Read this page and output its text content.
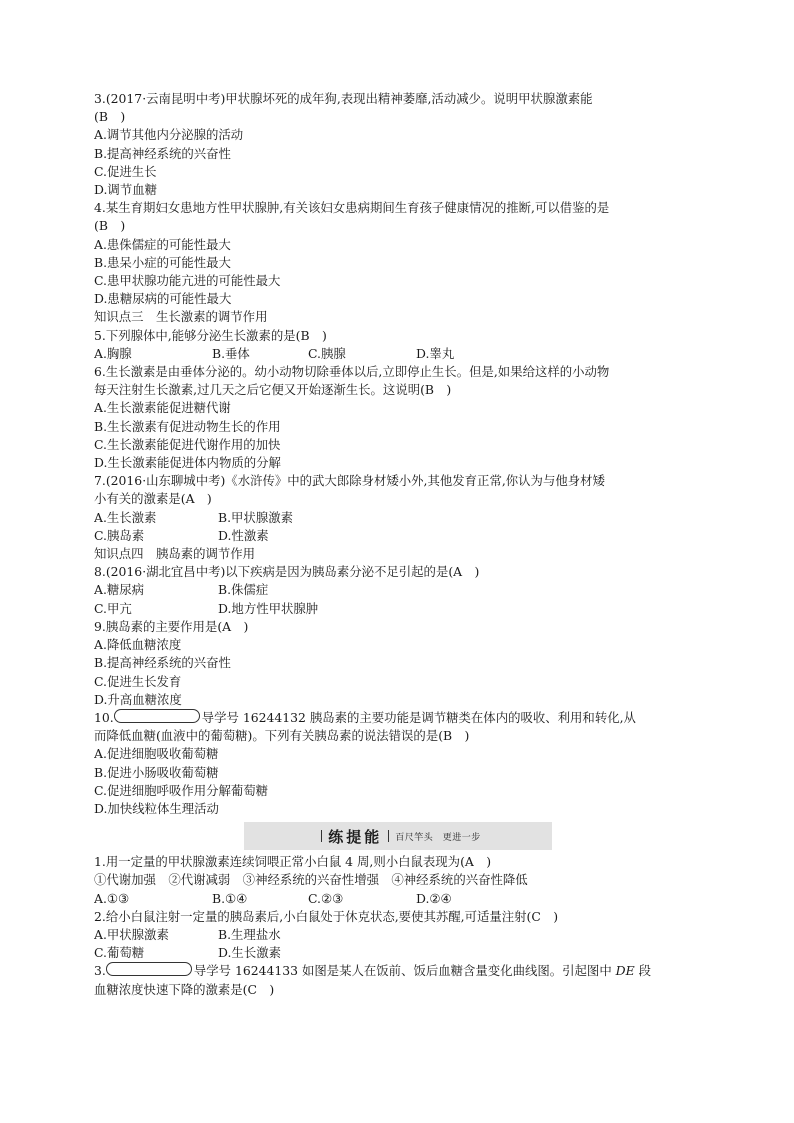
3.(2017·云南昆明中考)甲状腺坏死的成年狗,表现出精神萎靡,活动减少。说明甲状腺激素能
(B　)
A.调节其他内分泌腺的活动
B.提高神经系统的兴奋性
C.促进生长
D.调节血糖
4.某生育期妇女患地方性甲状腺肿,有关该妇女患病期间生育孩子健康情况的推断,可以借鉴的是
(B　)
A.患侏儒症的可能性最大
B.患呆小症的可能性最大
C.患甲状腺功能亢进的可能性最大
D.患糖尿病的可能性最大
知识点三　生长激素的调节作用
5.下列腺体中,能够分泌生长激素的是(B　)
A.胸腺	B.垂体	C.胰腺	D.睾丸
6.生长激素是由垂体分泌的。幼小动物切除垂体以后,立即停止生长。但是,如果给这样的小动物
每天注射生长激素,过几天之后它便又开始逐渐生长。这说明(B　)
A.生长激素能促进糖代谢
B.生长激素有促进动物生长的作用
C.生长激素能促进代谢作用的加快
D.生长激素能促进体内物质的分解
7.(2016·山东聊城中考)《水浒传》中的武大郎除身材矮小外,其他发育正常,你认为与他身材矮
小有关的激素是(A　)
A.生长激素	B.甲状腺激素
C.胰岛素	D.性激素
知识点四　胰岛素的调节作用
8.(2016·湖北宜昌中考)以下疾病是因为胰岛素分泌不足引起的是(A　)
A.糖尿病	B.侏儒症
C.甲亢	D.地方性甲状腺肿
9.胰岛素的主要作用是(A　)
A.降低血糖浓度
B.提高神经系统的兴奋性
C.促进生长发育
D.升高血糖浓度
10.	导学号 16244132 胰岛素的主要功能是调节糖类在体内的吸收、利用和转化,从
而降低血糖(血液中的葡萄糖)。下列有关胰岛素的说法错误的是(B　)
A.促进细胞吸收葡萄糖
B.促进小肠吸收葡萄糖
C.促进细胞呼吸作用分解葡萄糖
D.加快线粒体生理活动
练提能 百尺竿头　更进一步
1.用一定量的甲状腺激素连续饲喂正常小白鼠 4 周,则小白鼠表现为(A　)
①代谢加强　②代谢减弱　③神经系统的兴奋性增强　④神经系统的兴奋性降低
A.①③	B.①④	C.②③	D.②④
2.给小白鼠注射一定量的胰岛素后,小白鼠处于休克状态,要使其苏醒,可适量注射(C　)
A.甲状腺激素	B.生理盐水
C.葡萄糖	D.生长激素
3.	导学号 16244133 如图是某人在饭前、饭后血糖含量变化曲线图。引起图中 DE 段
血糖浓度快速下降的激素是(C　)
